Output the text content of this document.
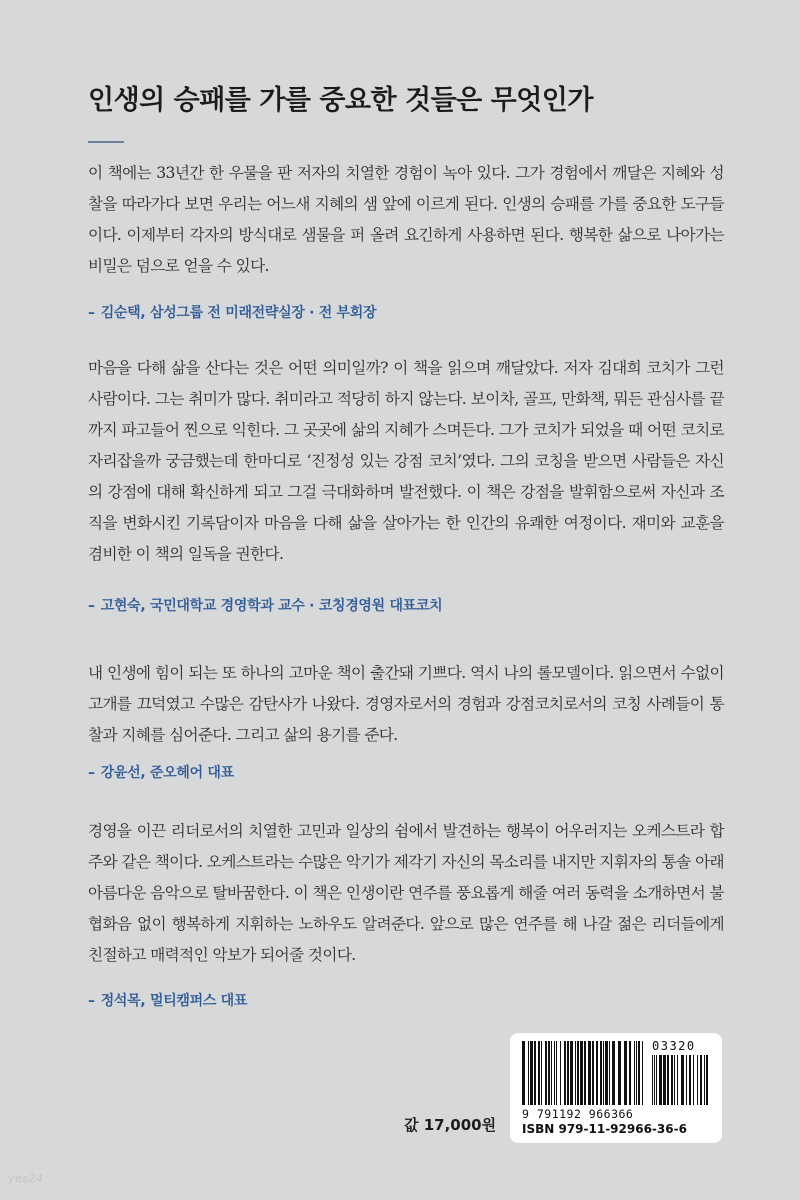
인생의 승패를 가를 중요한 것들은 무엇인가
이 책에는 33년간 한 우물을 판 저자의 치열한 경험이 녹아 있다. 그가 경험에서 깨달은 지혜와 성찰을 따라가다 보면 우리는 어느새 지혜의 샘 앞에 이르게 된다. 인생의 승패를 가를 중요한 도구들이다. 이제부터 각자의 방식대로 샘물을 퍼 올려 요긴하게 사용하면 된다. 행복한 삶으로 나아가는 비밀은 덤으로 얻을 수 있다.
– 김순택, 삼성그룹 전 미래전략실장 · 전 부회장
마음을 다해 삶을 산다는 것은 어떤 의미일까? 이 책을 읽으며 깨달았다. 저자 김대희 코치가 그런 사람이다. 그는 취미가 많다. 취미라고 적당히 하지 않는다. 보이차, 골프, 만화책, 뭐든 관심사를 끝까지 파고들어 찐으로 익힌다. 그 곳곳에 삶의 지혜가 스며든다. 그가 코치가 되었을 때 어떤 코치로 자리잡을까 궁금했는데 한마디로 ‘진정성 있는 강점 코치’였다. 그의 코칭을 받으면 사람들은 자신의 강점에 대해 확신하게 되고 그걸 극대화하며 발전했다. 이 책은 강점을 발휘함으로써 자신과 조직을 변화시킨 기록담이자 마음을 다해 삶을 살아가는 한 인간의 유쾌한 여정이다. 재미와 교훈을 겸비한 이 책의 일독을 권한다.
– 고현숙, 국민대학교 경영학과 교수 · 코칭경영원 대표코치
내 인생에 힘이 되는 또 하나의 고마운 책이 출간돼 기쁘다. 역시 나의 롤모델이다. 읽으면서 수없이 고개를 끄덕였고 수많은 감탄사가 나왔다. 경영자로서의 경험과 강점코치로서의 코칭 사례들이 통찰과 지혜를 심어준다. 그리고 삶의 용기를 준다.
– 강윤선, 준오헤어 대표
경영을 이끈 리더로서의 치열한 고민과 일상의 쉼에서 발견하는 행복이 어우러지는 오케스트라 합주와 같은 책이다. 오케스트라는 수많은 악기가 제각기 자신의 목소리를 내지만 지휘자의 통솔 아래 아름다운 음악으로 탈바꿈한다. 이 책은 인생이란 연주를 풍요롭게 해줄 여러 동력을 소개하면서 불협화음 없이 행복하게 지휘하는 노하우도 알려준다. 앞으로 많은 연주를 해 나갈 젊은 리더들에게 친절하고 매력적인 악보가 되어줄 것이다.
– 정석목, 멀티캠퍼스 대표
값 17,000원
03320
9 791192 966366
ISBN 979-11-92966-36-6
yes24
